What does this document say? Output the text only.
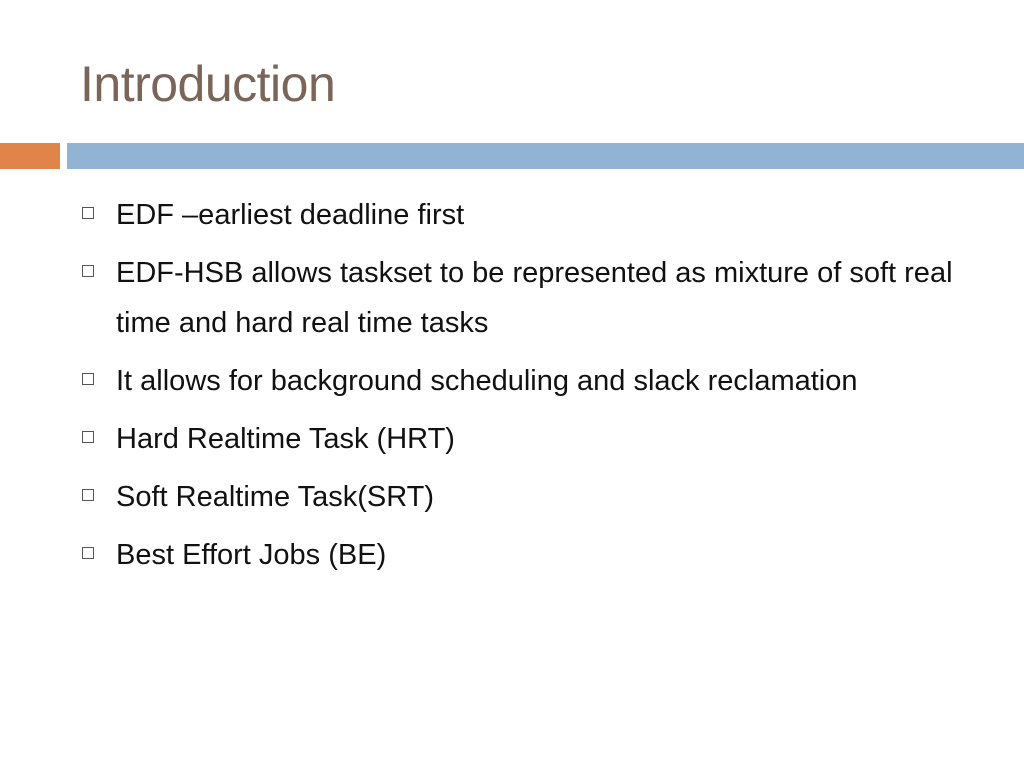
Introduction
EDF –earliest deadline first
EDF-HSB allows taskset to be represented as mixture of soft real time and hard real time tasks
It allows for background scheduling and slack reclamation
Hard Realtime Task (HRT)
Soft Realtime Task(SRT)
Best Effort Jobs (BE)
